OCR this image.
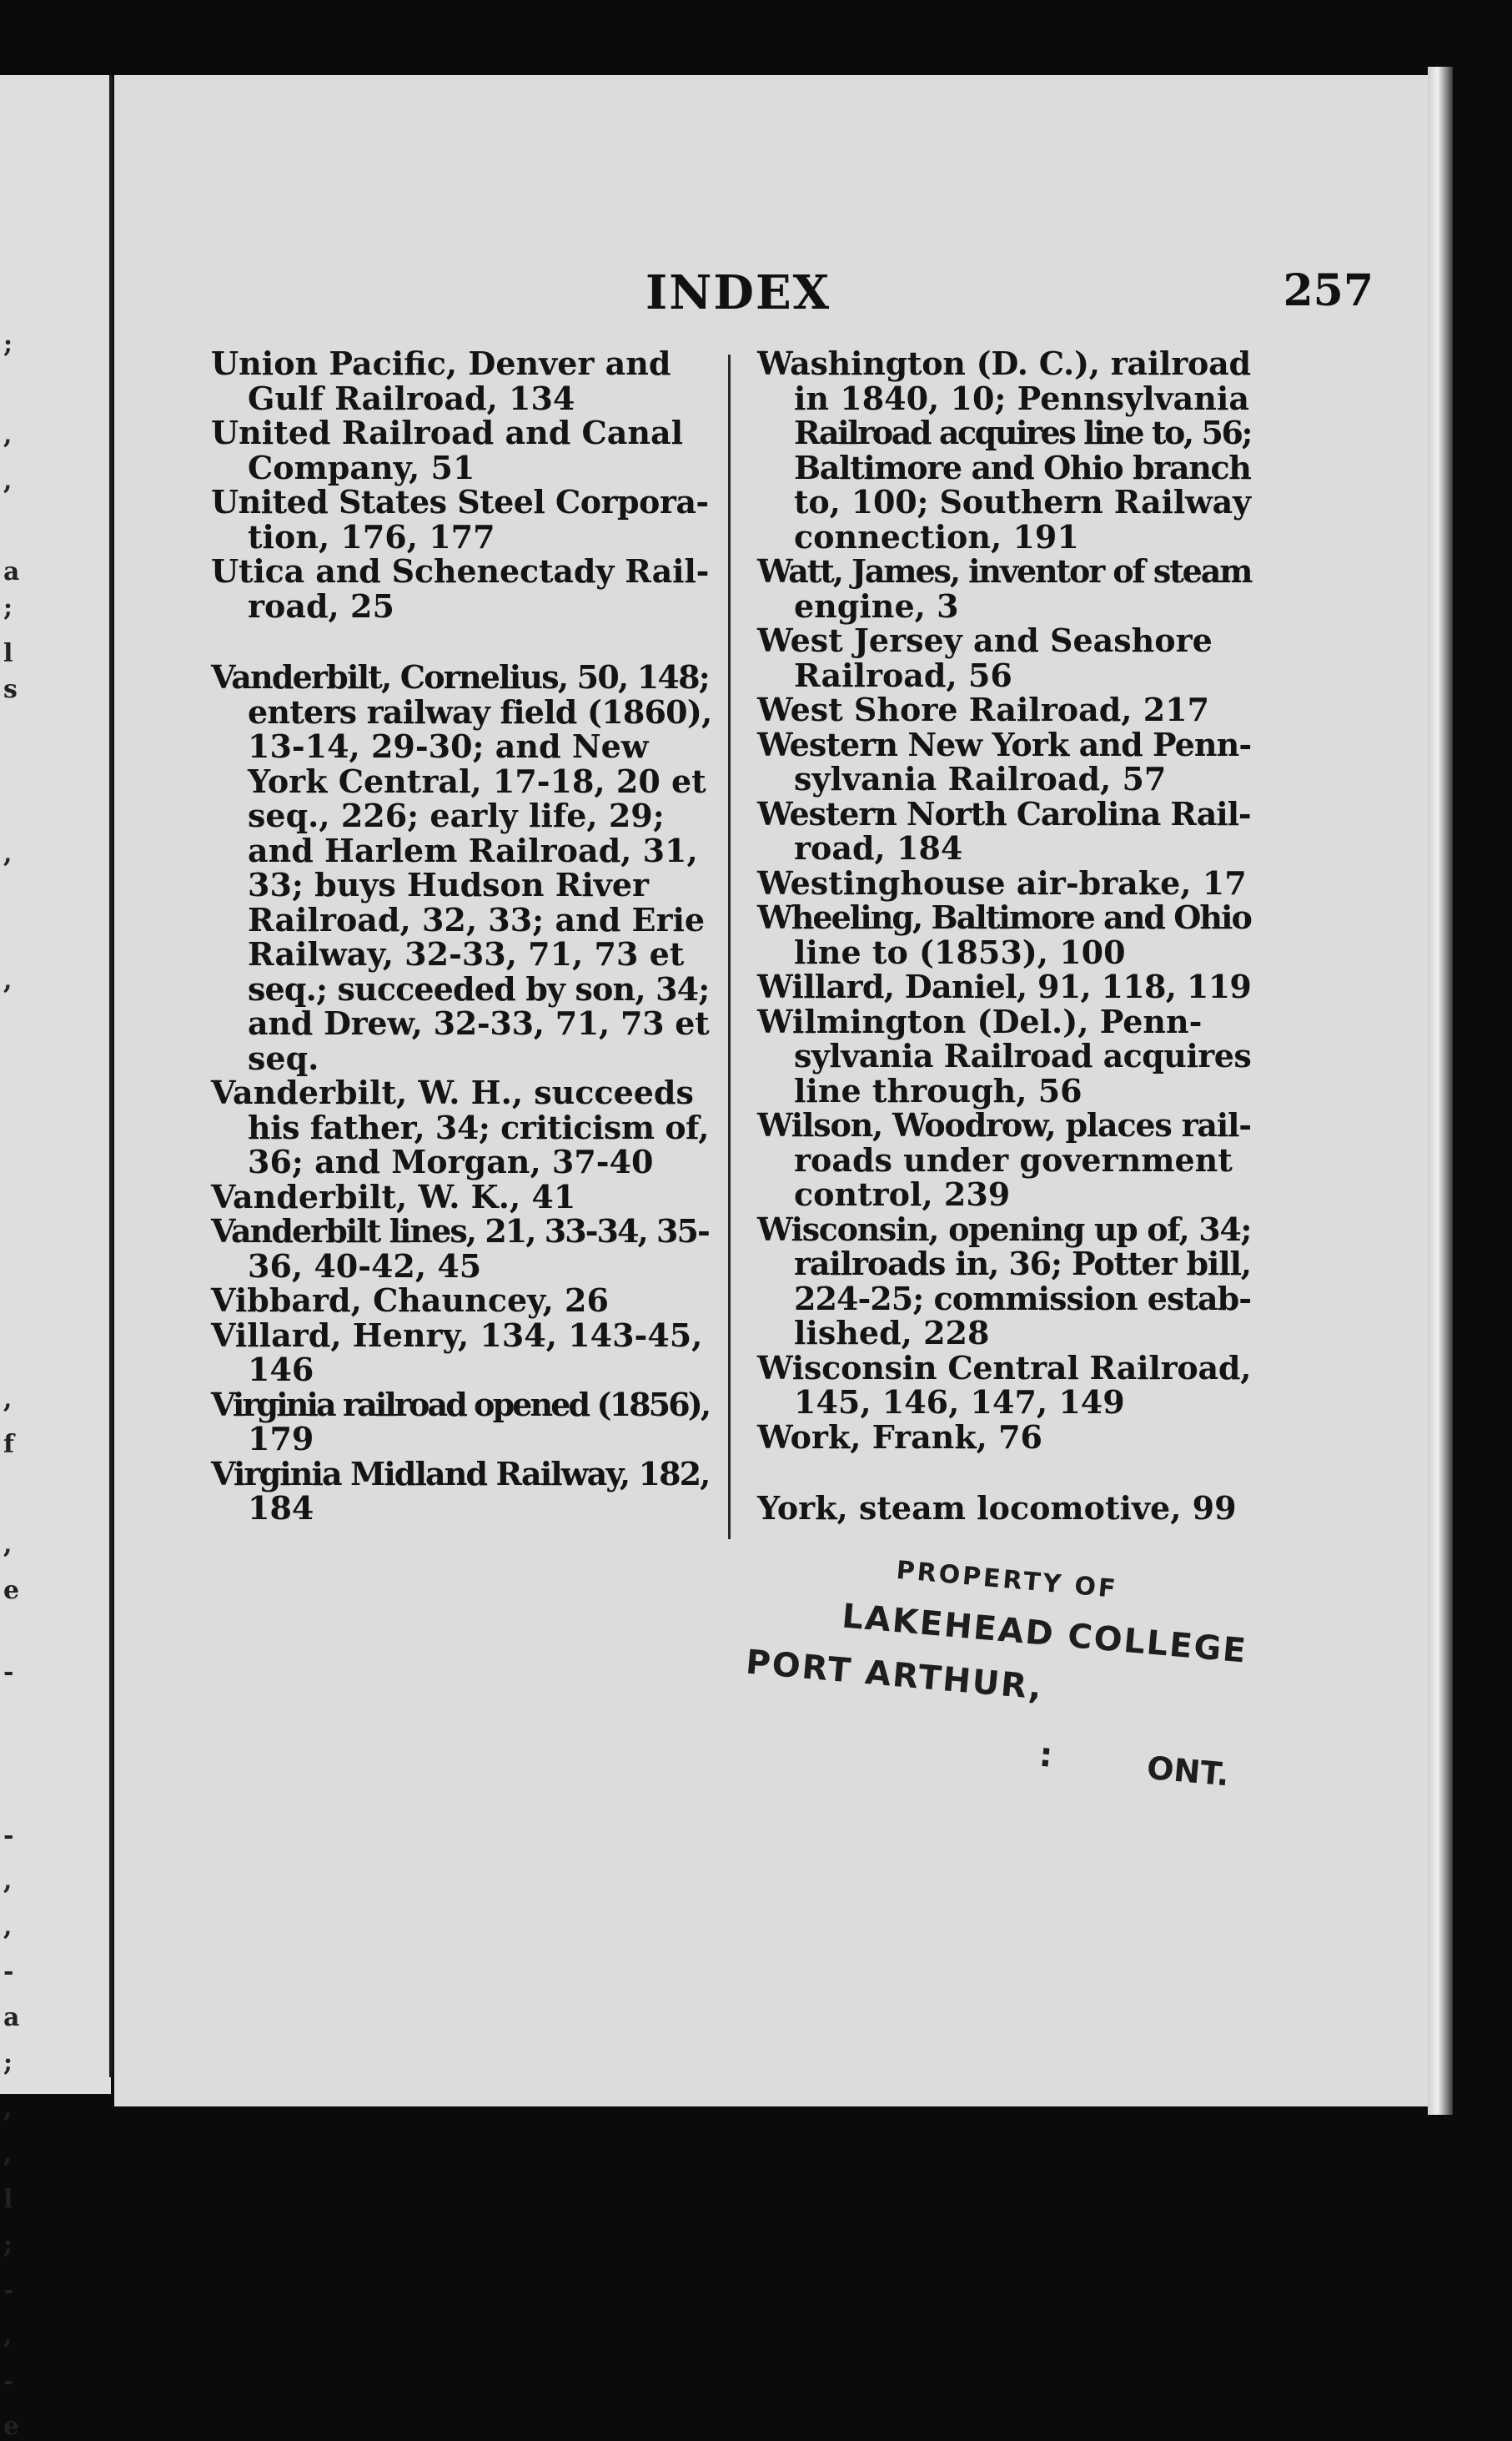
;
,
,
a
;
l
s
,
,
,
f
,
e
-
-
,
,
-
a
;
,
,
l
;
-
,
-
e
INDEX	257
Union Pacific, Denver and
Gulf Railroad, 134
United Railroad and Canal
Company, 51
United States Steel Corpora-
tion, 176, 177
Utica and Schenectady Rail-
road, 25
Vanderbilt, Cornelius, 50, 148;
enters railway field (1860),
13-14, 29-30; and New
York Central, 17-18, 20 et
seq., 226; early life, 29;
and Harlem Railroad, 31,
33; buys Hudson River
Railroad, 32, 33; and Erie
Railway, 32-33, 71, 73 et
seq.; succeeded by son, 34;
and Drew, 32-33, 71, 73 et
seq.
Vanderbilt, W. H., succeeds
his father, 34; criticism of,
36; and Morgan, 37-40
Vanderbilt, W. K., 41
Vanderbilt lines, 21, 33-34, 35-
36, 40-42, 45
Vibbard, Chauncey, 26
Villard, Henry, 134, 143-45,
146
Virginia railroad opened (1856),
179
Virginia Midland Railway, 182,
184
Washington (D. C.), railroad
in 1840, 10; Pennsylvania
Railroad acquires line to, 56;
Baltimore and Ohio branch
to, 100; Southern Railway
connection, 191
Watt, James, inventor of steam
engine, 3
West Jersey and Seashore
Railroad, 56
West Shore Railroad, 217
Western New York and Penn-
sylvania Railroad, 57
Western North Carolina Rail-
road, 184
Westinghouse air-brake, 17
Wheeling, Baltimore and Ohio
line to (1853), 100
Willard, Daniel, 91, 118, 119
Wilmington (Del.), Penn-
sylvania Railroad acquires
line through, 56
Wilson, Woodrow, places rail-
roads under government
control, 239
Wisconsin, opening up of, 34;
railroads in, 36; Potter bill,
224-25; commission estab-
lished, 228
Wisconsin Central Railroad,
145, 146, 147, 149
Work, Frank, 76
York, steam locomotive, 99
PROPERTY OF
LAKEHEAD COLLEGE
PORT ARTHUR,
:	ONT.
